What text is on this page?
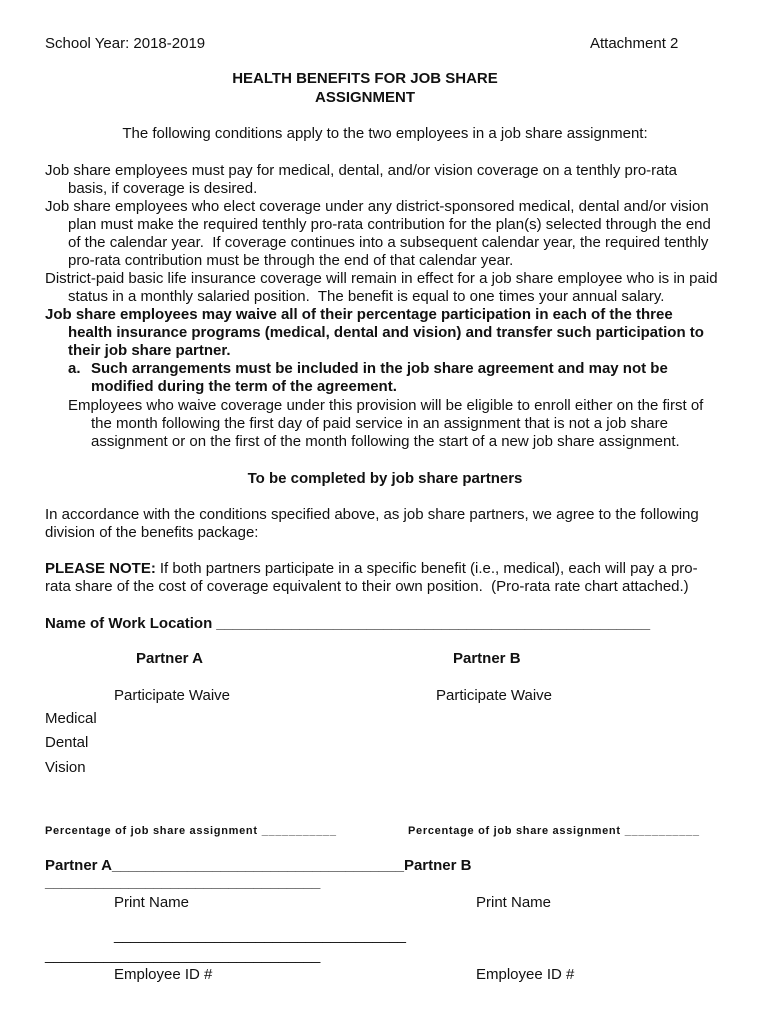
School Year: 2018-2019	Attachment 2
HEALTH BENEFITS FOR JOB SHARE
ASSIGNMENT
The following conditions apply to the two employees in a job share assignment:
Job share employees must pay for medical, dental, and/or vision coverage on a tenthly pro-rata
basis, if coverage is desired.
Job share employees who elect coverage under any district-sponsored medical, dental and/or vision
plan must make the required tenthly pro-rata contribution for the plan(s) selected through the end
of the calendar year.  If coverage continues into a subsequent calendar year, the required tenthly
pro-rata contribution must be through the end of that calendar year.
District-paid basic life insurance coverage will remain in effect for a job share employee who is in paid
status in a monthly salaried position.  The benefit is equal to one times your annual salary.
Job share employees may waive all of their percentage participation in each of the three
health insurance programs (medical, dental and vision) and transfer such participation to
their job share partner.
a. Such arrangements must be included in the job share agreement and may not be
modified during the term of the agreement.
Employees who waive coverage under this provision will be eligible to enroll either on the first of
the month following the first day of paid service in an assignment that is not a job share
assignment or on the first of the month following the start of a new job share assignment.
To be completed by job share partners
In accordance with the conditions specified above, as job share partners, we agree to the following
division of the benefits package:
PLEASE NOTE: If both partners participate in a specific benefit (i.e., medical), each will pay a pro-
rata share of the cost of coverage equivalent to their own position.  (Pro-rata rate chart attached.)
Name of Work Location ____________________________________________________
Partner A	Partner B
Participate Waive	Participate Waive
Medical
Dental
Vision
Percentage of job share assignment ___________	Percentage of job share assignment ___________
Partner A___________________________________Partner B
_________________________________
Print Name	Print Name
___________________________________
_________________________________
Employee ID #	Employee ID #
